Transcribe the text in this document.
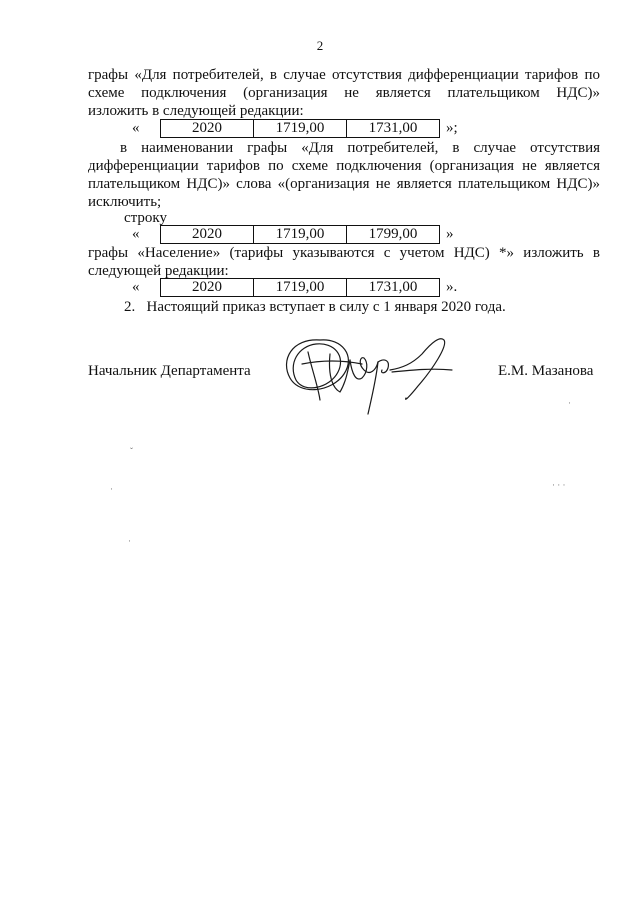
2
графы «Для потребителей, в случае отсутствия дифференциации тарифов по
схеме подключения (организация не является плательщиком НДС)»
изложить в следующей редакции:
«	2020	1719,00	1731,00	»;
в наименовании графы «Для потребителей, в случае отсутствия
дифференциации тарифов по схеме подключения (организация не является
плательщиком НДС)» слова «(организация не является плательщиком НДС)»
исключить;
строку
«	2020	1719,00	1799,00	»
графы «Население» (тарифы указываются с учетом НДС) *» изложить в
следующей редакции:
«	2020	1719,00	1731,00	».
2.   Настоящий приказ вступает в силу с 1 января 2020 года.
Начальник Департамента	Е.М. Мазанова
ˇ
·	· · ·
·
·
